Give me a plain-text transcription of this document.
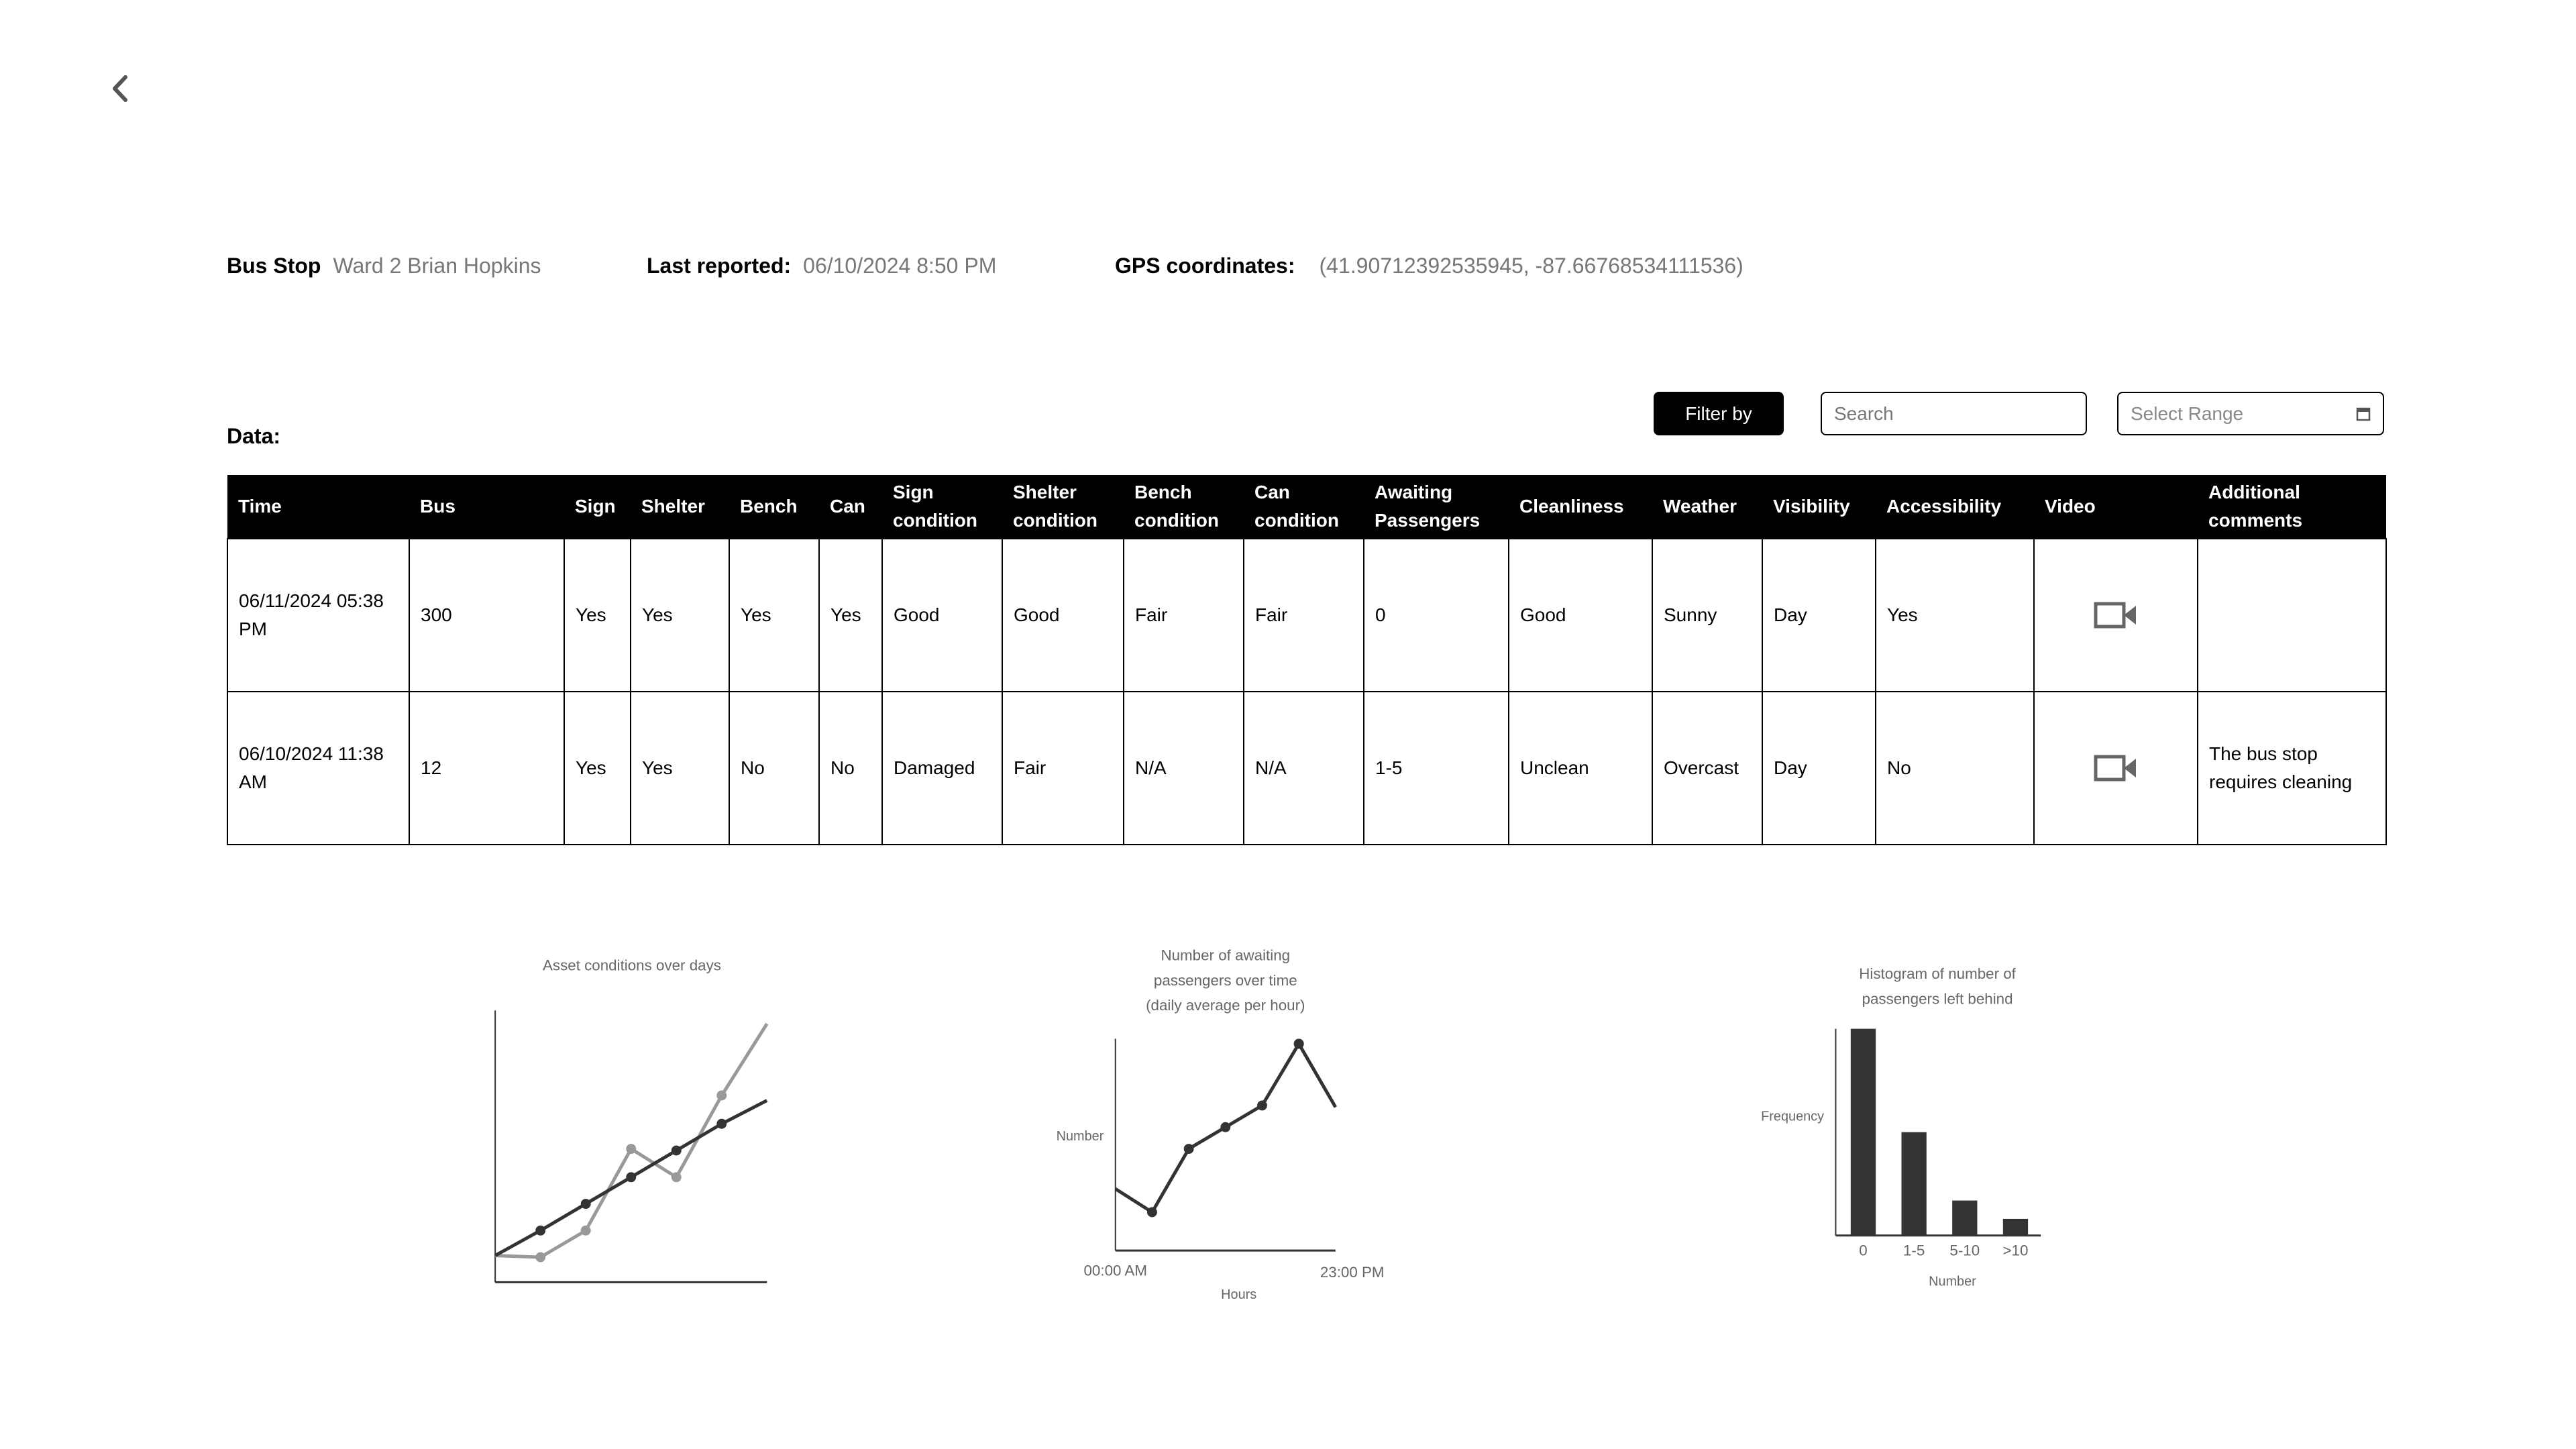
Bus Stop Ward 2 Brian Hopkins	Last reported: 06/10/2024 8:50 PM	GPS coordinates: (41.90712392535945, -87.66768534111536)
Data:
Filter by
Search	Select Range
Time	Bus	Sign	Shelter	Bench	Can	Sign condition	Shelter condition	Bench condition	Can condition	Awaiting Passengers	Cleanliness	Weather	Visibility	Accessibility	Video	Additional comments
06/11/2024 05:38 PM	300	Yes	Yes	Yes	Yes	Good	Good	Fair	Fair	0	Good	Sunny	Day	Yes	

06/10/2024 11:38 AM	12	Yes	Yes	No	No	Damaged	Fair	N/A	N/A	1-5	Unclean	Overcast	Day	No		The bus stop requires cleaning
Asset conditions over days
Number of awaiting
passengers over time
(daily average per hour)
00:00 AM	23:00 PM
Hours
Number
Histogram of number of
passengers left behind
0	1-5	5-10	>10
Number
Frequency
